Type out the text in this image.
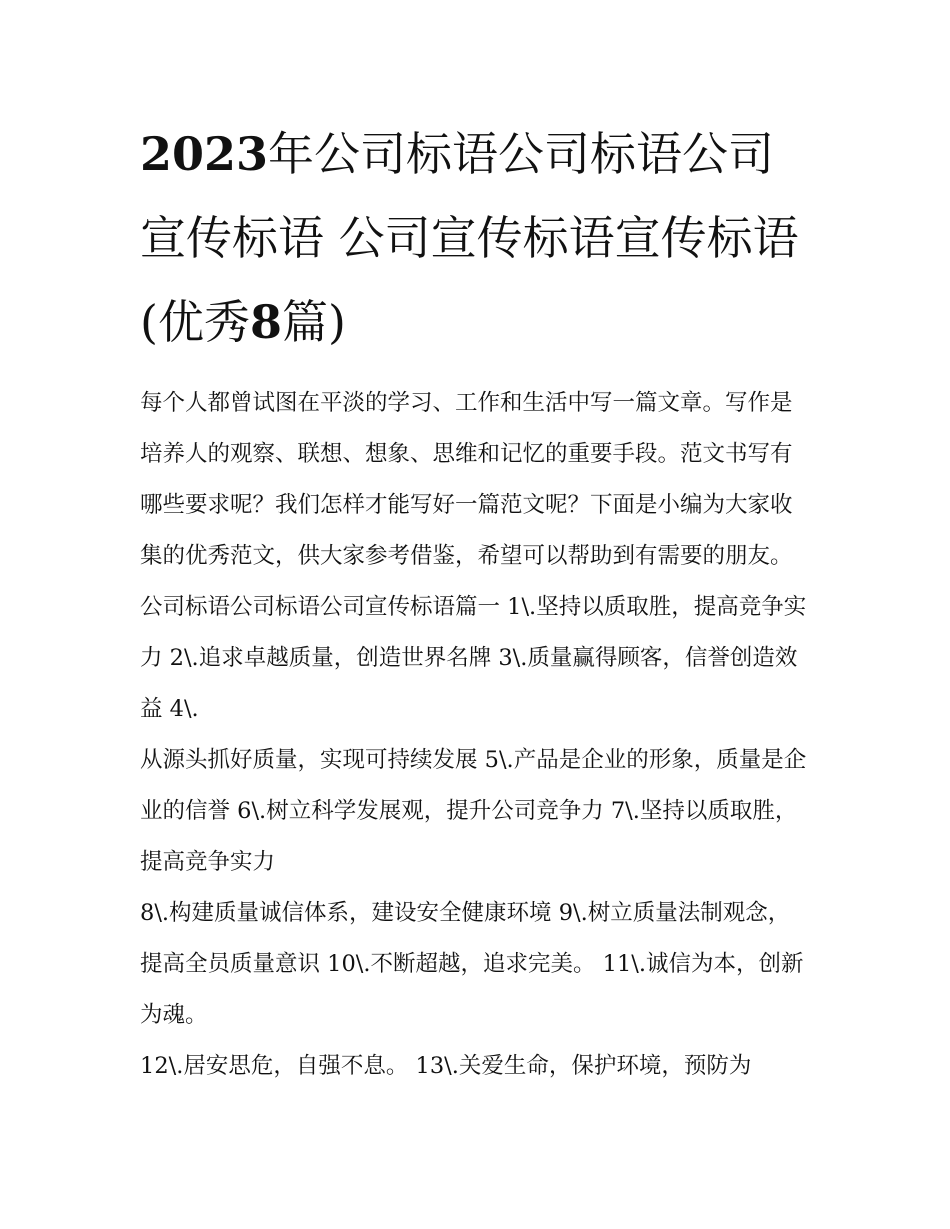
2023年公司标语公司标语公司宣传标语 公司宣传标语宣传标语(优秀8篇)

每个人都曾试图在平淡的学习、工作和生活中写一篇文章。写作是培养人的观察、联想、想象、思维和记忆的重要手段。范文书写有哪些要求呢？我们怎样才能写好一篇范文呢？下面是小编为大家收集的优秀范文，供大家参考借鉴，希望可以帮助到有需要的朋友。

公司标语公司标语公司宣传标语篇一 1\.坚持以质取胜，提高竞争实力 2\.追求卓越质量，创造世界名牌 3\.质量赢得顾客，信誉创造效益 4\.

从源头抓好质量，实现可持续发展 5\.产品是企业的形象，质量是企业的信誉 6\.树立科学发展观，提升公司竞争力 7\.坚持以质取胜，提高竞争实力

8\.构建质量诚信体系，建设安全健康环境 9\.树立质量法制观念，提高全员质量意识 10\.不断超越，追求完美。 11\.诚信为本，创新为魂。

12\.居安思危，自强不息。 13\.关爱生命，保护环境，预防为
